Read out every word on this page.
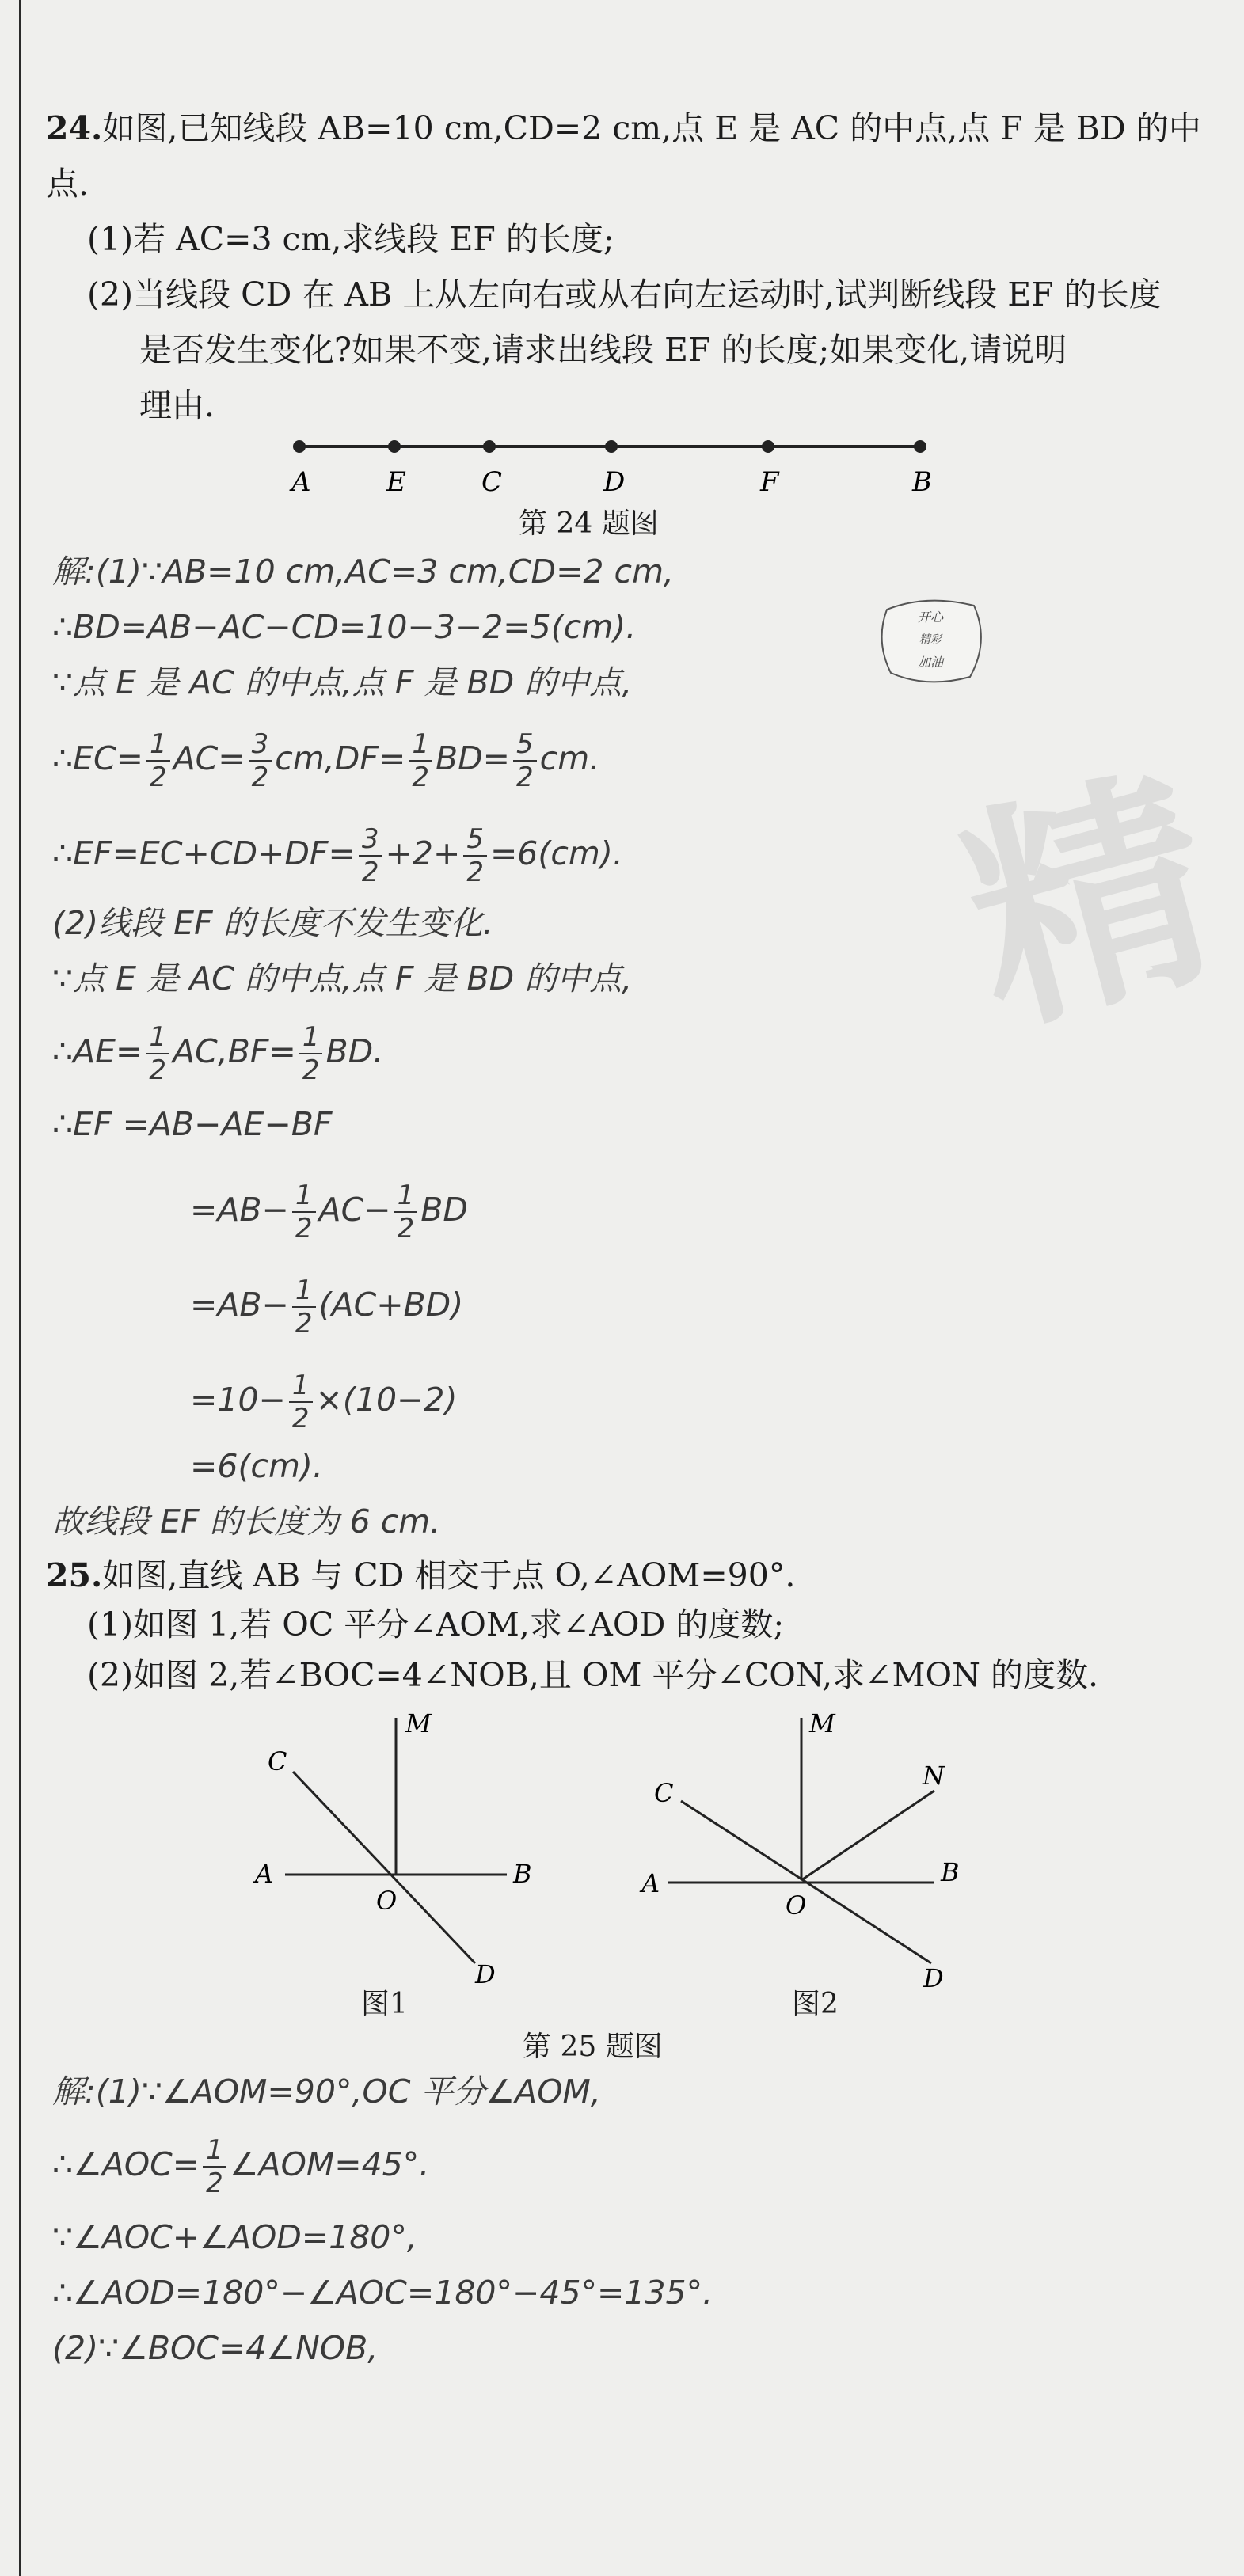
精
开心
精彩
加油
24.如图,已知线段 AB=10 cm,CD=2 cm,点 E 是 AC 的中点,点 F 是 BD 的中
点.
(1)若 AC=3 cm,求线段 EF 的长度;
(2)当线段 CD 在 AB 上从左向右或从右向左运动时,试判断线段 EF 的长度
是否发生变化?如果不变,请求出线段 EF 的长度;如果变化,请说明
理由.
A	E	C	D	F	B
第 24 题图
解:(1)∵AB=10 cm,AC=3 cm,CD=2 cm,
∴BD=AB−AC−CD=10−3−2=5(cm).
∵点 E 是 AC 的中点,点 F 是 BD 的中点,
∴EC= $\frac{1}{2} AC= \frac{3}{2} cm,DF= \frac{1}{2} BD= \frac{5}{2}$ cm.
∴EF=EC+CD+DF= $\frac{3}{2} +2+ \frac{5}{2} =6(cm)$.
(2)线段 EF 的长度不发生变化.
∵点 E 是 AC 的中点,点 F 是 BD 的中点,
∴AE= $\frac{1}{2} AC,BF= \frac{1}{2}$ BD.
∴EF =AB−AE−BF
$=AB- \frac{1}{2} AC- \frac{1}{2}$ BD
$=AB- \frac{1}{2} (AC+BD)$
$=10- \frac{1}{2} \times(10-2)$
=6(cm).
故线段 EF 的长度为 6 cm.
25.如图,直线 AB 与 CD 相交于点 O,∠AOM=90°.
(1)如图 1,若 OC 平分∠AOM,求∠AOD 的度数;
(2)如图 2,若∠BOC=4∠NOB,且 OM 平分∠CON,求∠MON 的度数.
M
C
A
O
B
D
图1
M
N
C
A
O
B
D
图2
第 25 题图
解:(1)∵∠AOM=90°,OC 平分∠AOM,
∴∠AOC= $\frac{1}{2}$ ∠AOM=45°.
∵∠AOC+∠AOD=180°,
∴∠AOD=180°−∠AOC=180°−45°=135°.
(2)∵∠BOC=4∠NOB,
